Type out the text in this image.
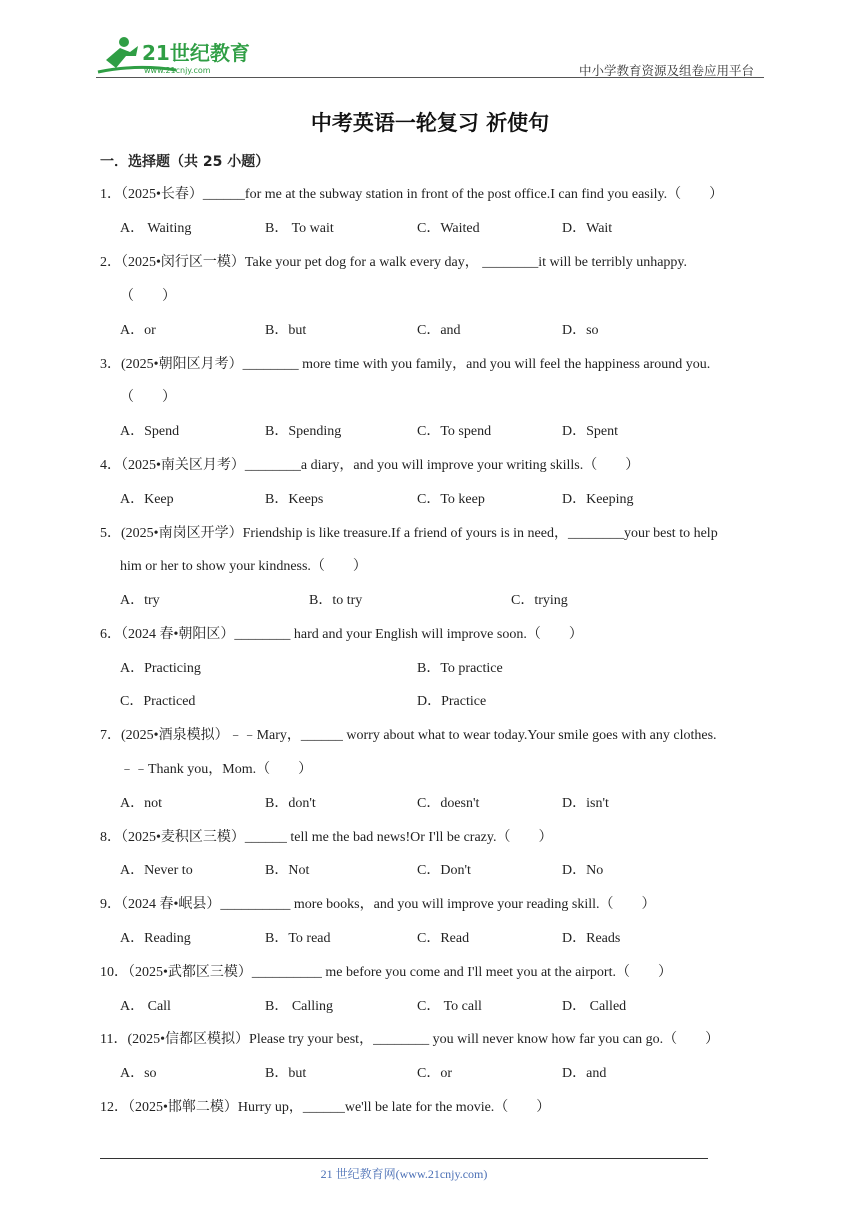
21世纪教育
www.21cnjy.com	中小学教育资源及组卷应用平台
中考英语一轮复习 祈使句
一．选择题（共 25 小题）
1．（2025•长春）______for me at the subway station in front of the post office.I can find you easily.（　　）
A． Waiting	B． To wait	C．Waited	D．Wait
2．（2025•闵行区一模）Take your pet dog for a walk every day， ________it will be terribly unhappy.
（　　）
A．or	B．but	C．and	D．so
3．(2025•朝阳区月考）________ more time with you family，and you will feel the happiness around you.
（　　）
A．Spend	B．Spending	C．To spend	D．Spent
4．（2025•南关区月考）________a diary，and you will improve your writing skills.（　　）
A．Keep	B．Keeps	C．To keep	D．Keeping
5．(2025•南岗区开学）Friendship is like treasure.If a friend of yours is in need，________your best to help
him or her to show your kindness.（　　）
A．try	B．to try	C．trying
6．（2024 春•朝阳区）________ hard and your English will improve soon.（　　）
A．Practicing	B．To practice
C．Practiced	D．Practice
7．(2025•酒泉模拟）﹣﹣Mary，______ worry about what to wear today.Your smile goes with any clothes.
﹣﹣Thank you，Mom.（　　）
A．not	B．don't	C．doesn't	D．isn't
8．（2025•麦积区三模）______ tell me the bad news!Or I'll be crazy.（　　）
A．Never to	B．Not	C．Don't	D．No
9．（2024 春•岷县）__________ more books，and you will improve your reading skill.（　　）
A．Reading	B．To read	C．Read	D．Reads
10．（2025•武都区三模）__________ me before you come and I'll meet you at the airport.（　　）
A． Call	B． Calling	C． To call	D． Called
11．(2025•信都区模拟）Please try your best，________ you will never know how far you can go.（　　）
A．so	B．but	C．or	D．and
12．（2025•邯郸二模）Hurry up，______we'll be late for the movie.（　　）
21 世纪教育网(www.21cnjy.com)
